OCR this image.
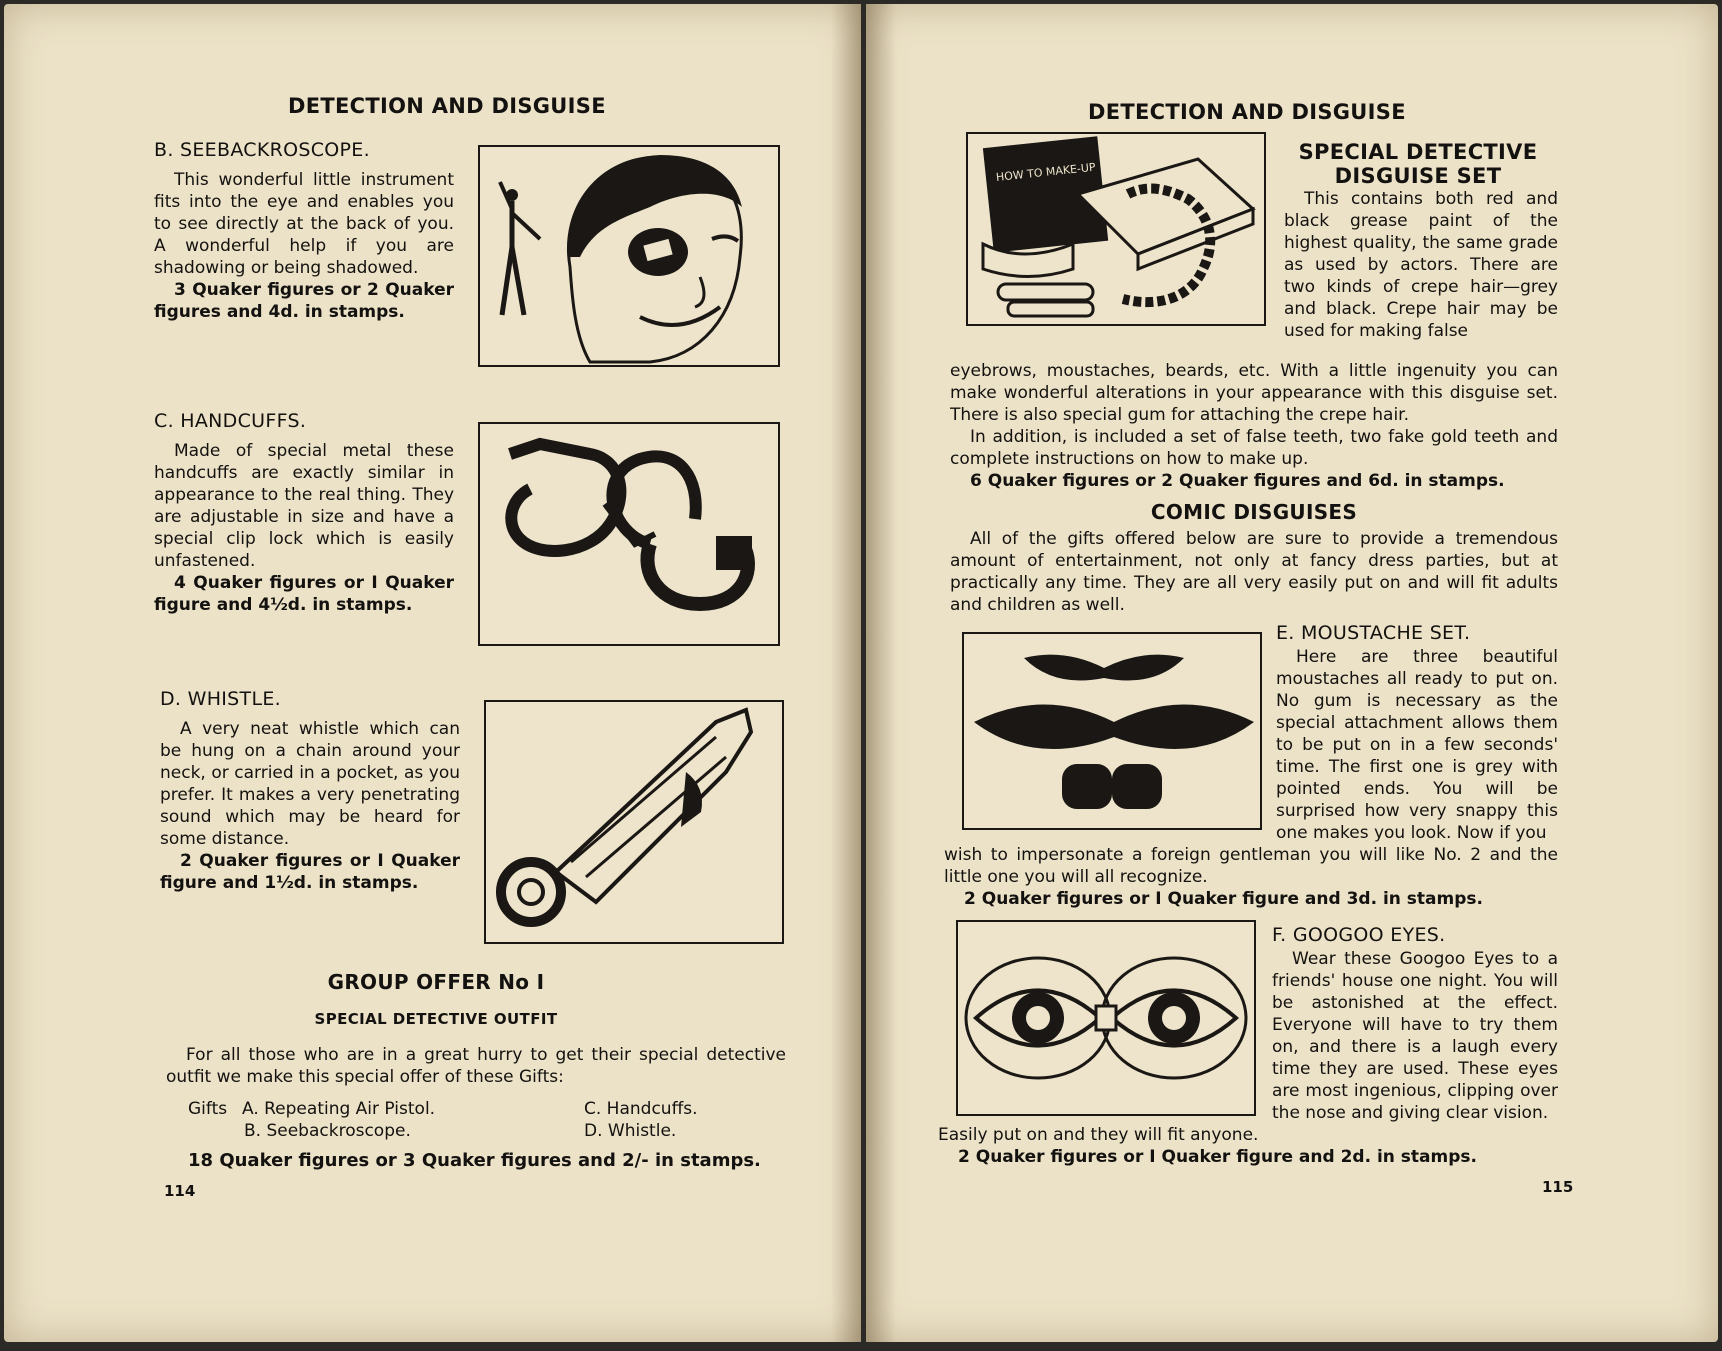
DETECTION AND DISGUISE
B. SEEBACKROSCOPE.

This wonderful little instrument fits into the eye and enables you to see directly at the back of you. A wonderful help if you are shadowing or being shadowed.

3 Quaker figures or 2 Quaker figures and 4d. in stamps.

C. HANDCUFFS.

Made of special metal these handcuffs are exactly similar in appearance to the real thing. They are adjustable in size and have a special clip lock which is easily unfastened.

4 Quaker figures or I Quaker figure and 4½d. in stamps.

D. WHISTLE.

A very neat whistle which can be hung on a chain around your neck, or carried in a pocket, as you prefer. It makes a very penetrating sound which may be heard for some distance.

2 Quaker figures or I Quaker figure and 1½d. in stamps.

GROUP OFFER No I
SPECIAL DETECTIVE OUTFIT

For all those who are in a great hurry to get their special detective outfit we make this special offer of these Gifts:

Gifts A. Repeating Air Pistol.
B. Seebackroscope.
C. Handcuffs.
D. Whistle.
18 Quaker figures or 3 Quaker figures and 2/- in stamps.
114
DETECTION AND DISGUISE
HOW TO MAKE-UP
SPECIAL DETECTIVE
DISGUISE SET

This contains both red and black grease paint of the highest quality, the same grade as used by actors. There are two kinds of crepe hair—grey and black. Crepe hair may be used for making false

eyebrows, moustaches, beards, etc. With a little ingenuity you can make wonderful alterations in your appearance with this disguise set. There is also special gum for attaching the crepe hair.

In addition, is included a set of false teeth, two fake gold teeth and complete instructions on how to make up.

6 Quaker figures or 2 Quaker figures and 6d. in stamps.

COMIC DISGUISES

All of the gifts offered below are sure to provide a tremendous amount of entertainment, not only at fancy dress parties, but at practically any time. They are all very easily put on and will fit adults and children as well.

E. MOUSTACHE SET.

Here are three beautiful moustaches all ready to put on. No gum is necessary as the special attachment allows them to be put on in a few seconds' time. The first one is grey with pointed ends. You will be surprised how very snappy this one makes you look. Now if you

wish to impersonate a foreign gentleman you will like No. 2 and the little one you will all recognize.

2 Quaker figures or I Quaker figure and 3d. in stamps.
F. GOOGOO EYES.

Wear these Googoo Eyes to a friends' house one night. You will be astonished at the effect. Everyone will have to try them on, and there is a laugh every time they are used. These eyes are most ingenious, clipping over the nose and giving clear vision.

Easily put on and they will fit anyone.

2 Quaker figures or I Quaker figure and 2d. in stamps.
115
